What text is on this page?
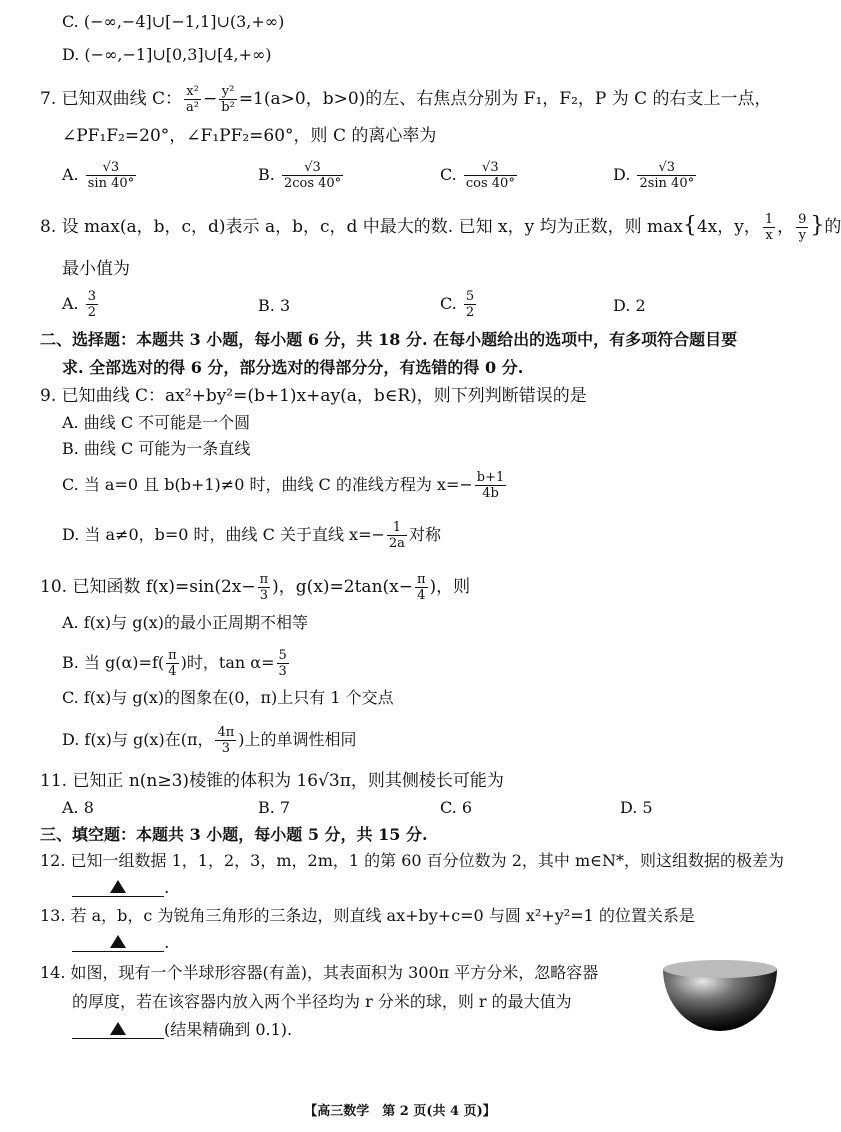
C. (−∞,−4]∪[−1,1]∪(3,+∞)
D. (−∞,−1]∪[0,3]∪[4,+∞)
7. 已知双曲线 C： $\frac{\text{x²}}{\text{a²}} - \frac{\text{y²}}{\text{b²}} =1(a>0$，b>0)的左、右焦点分别为 F₁，F₂，P 为 C 的右支上一点，
∠PF₁F₂=20°，∠F₁PF₂=60°，则 C 的离心率为
A. $\frac{√3}{\sin 40^\circ}$	B. $\frac{√3}{2\cos 40^\circ}$	C. $\frac{√3}{\cos 40^\circ}$	D. $\frac{√3}{2\sin 40^\circ}$
8. 设 max(a，b，c，d)表示 a，b，c，d 中最大的数. 已知 x，y 均为正数，则 max{4x，y， $\frac{1}{x}$ ， $\frac{9}{y}$ }的
最小值为
A. $\frac{3}{2}$	B. 3	C. $\frac{5}{2}$	D. 2
二、选择题：本题共 3 小题，每小题 6 分，共 18 分. 在每小题给出的选项中，有多项符合题目要
求. 全部选对的得 6 分，部分选对的得部分分，有选错的得 0 分.
9. 已知曲线 C：ax²+by²=(b+1)x+ay(a，b∈R)，则下列判断错误的是
A. 曲线 C 不可能是一个圆
B. 曲线 C 可能为一条直线
C. 当 a=0 且 b(b+1)≠0 时，曲线 C 的准线方程为 $x=- \frac{b+1}{4b}$
D. 当 a≠0，b=0 时，曲线 C 关于直线 $x=- \frac{1}{2a}$ 对称
10. 已知函数 $f(x)=\sin(2x- \frac{\pi}{3}$ )，$g(x)=2\tan(x- \frac{\pi}{4}$ )，则
A. f(x)与 g(x)的最小正周期不相等
B. 当 $g(\alpha)=f( \frac{\pi}{4}$ )时，$\tan \alpha= \frac{5}{3}$
C. f(x)与 g(x)的图象在(0，π)上只有 1 个交点
D. f(x)与 g(x)在(π， $\frac{4\pi}{3}$ )上的单调性相同
11. 已知正 n(n≥3)棱锥的体积为 16√3π，则其侧棱长可能为
A. 8	B. 7	C. 6	D. 5
三、填空题：本题共 3 小题，每小题 5 分，共 15 分.
12. 已知一组数据 1，1，2，3，m，2m，1 的第 60 百分位数为 2，其中 m∈N*，则这组数据的极差为
.
13. 若 a，b，c 为锐角三角形的三条边，则直线 ax+by+c=0 与圆 x²+y²=1 的位置关系是
.
14. 如图，现有一个半球形容器(有盖)，其表面积为 300π 平方分米，忽略容器
的厚度，若在该容器内放入两个半径均为 r 分米的球，则 r 的最大值为
(结果精确到 0.1).
【高三数学　第 2 页(共 4 页)】
